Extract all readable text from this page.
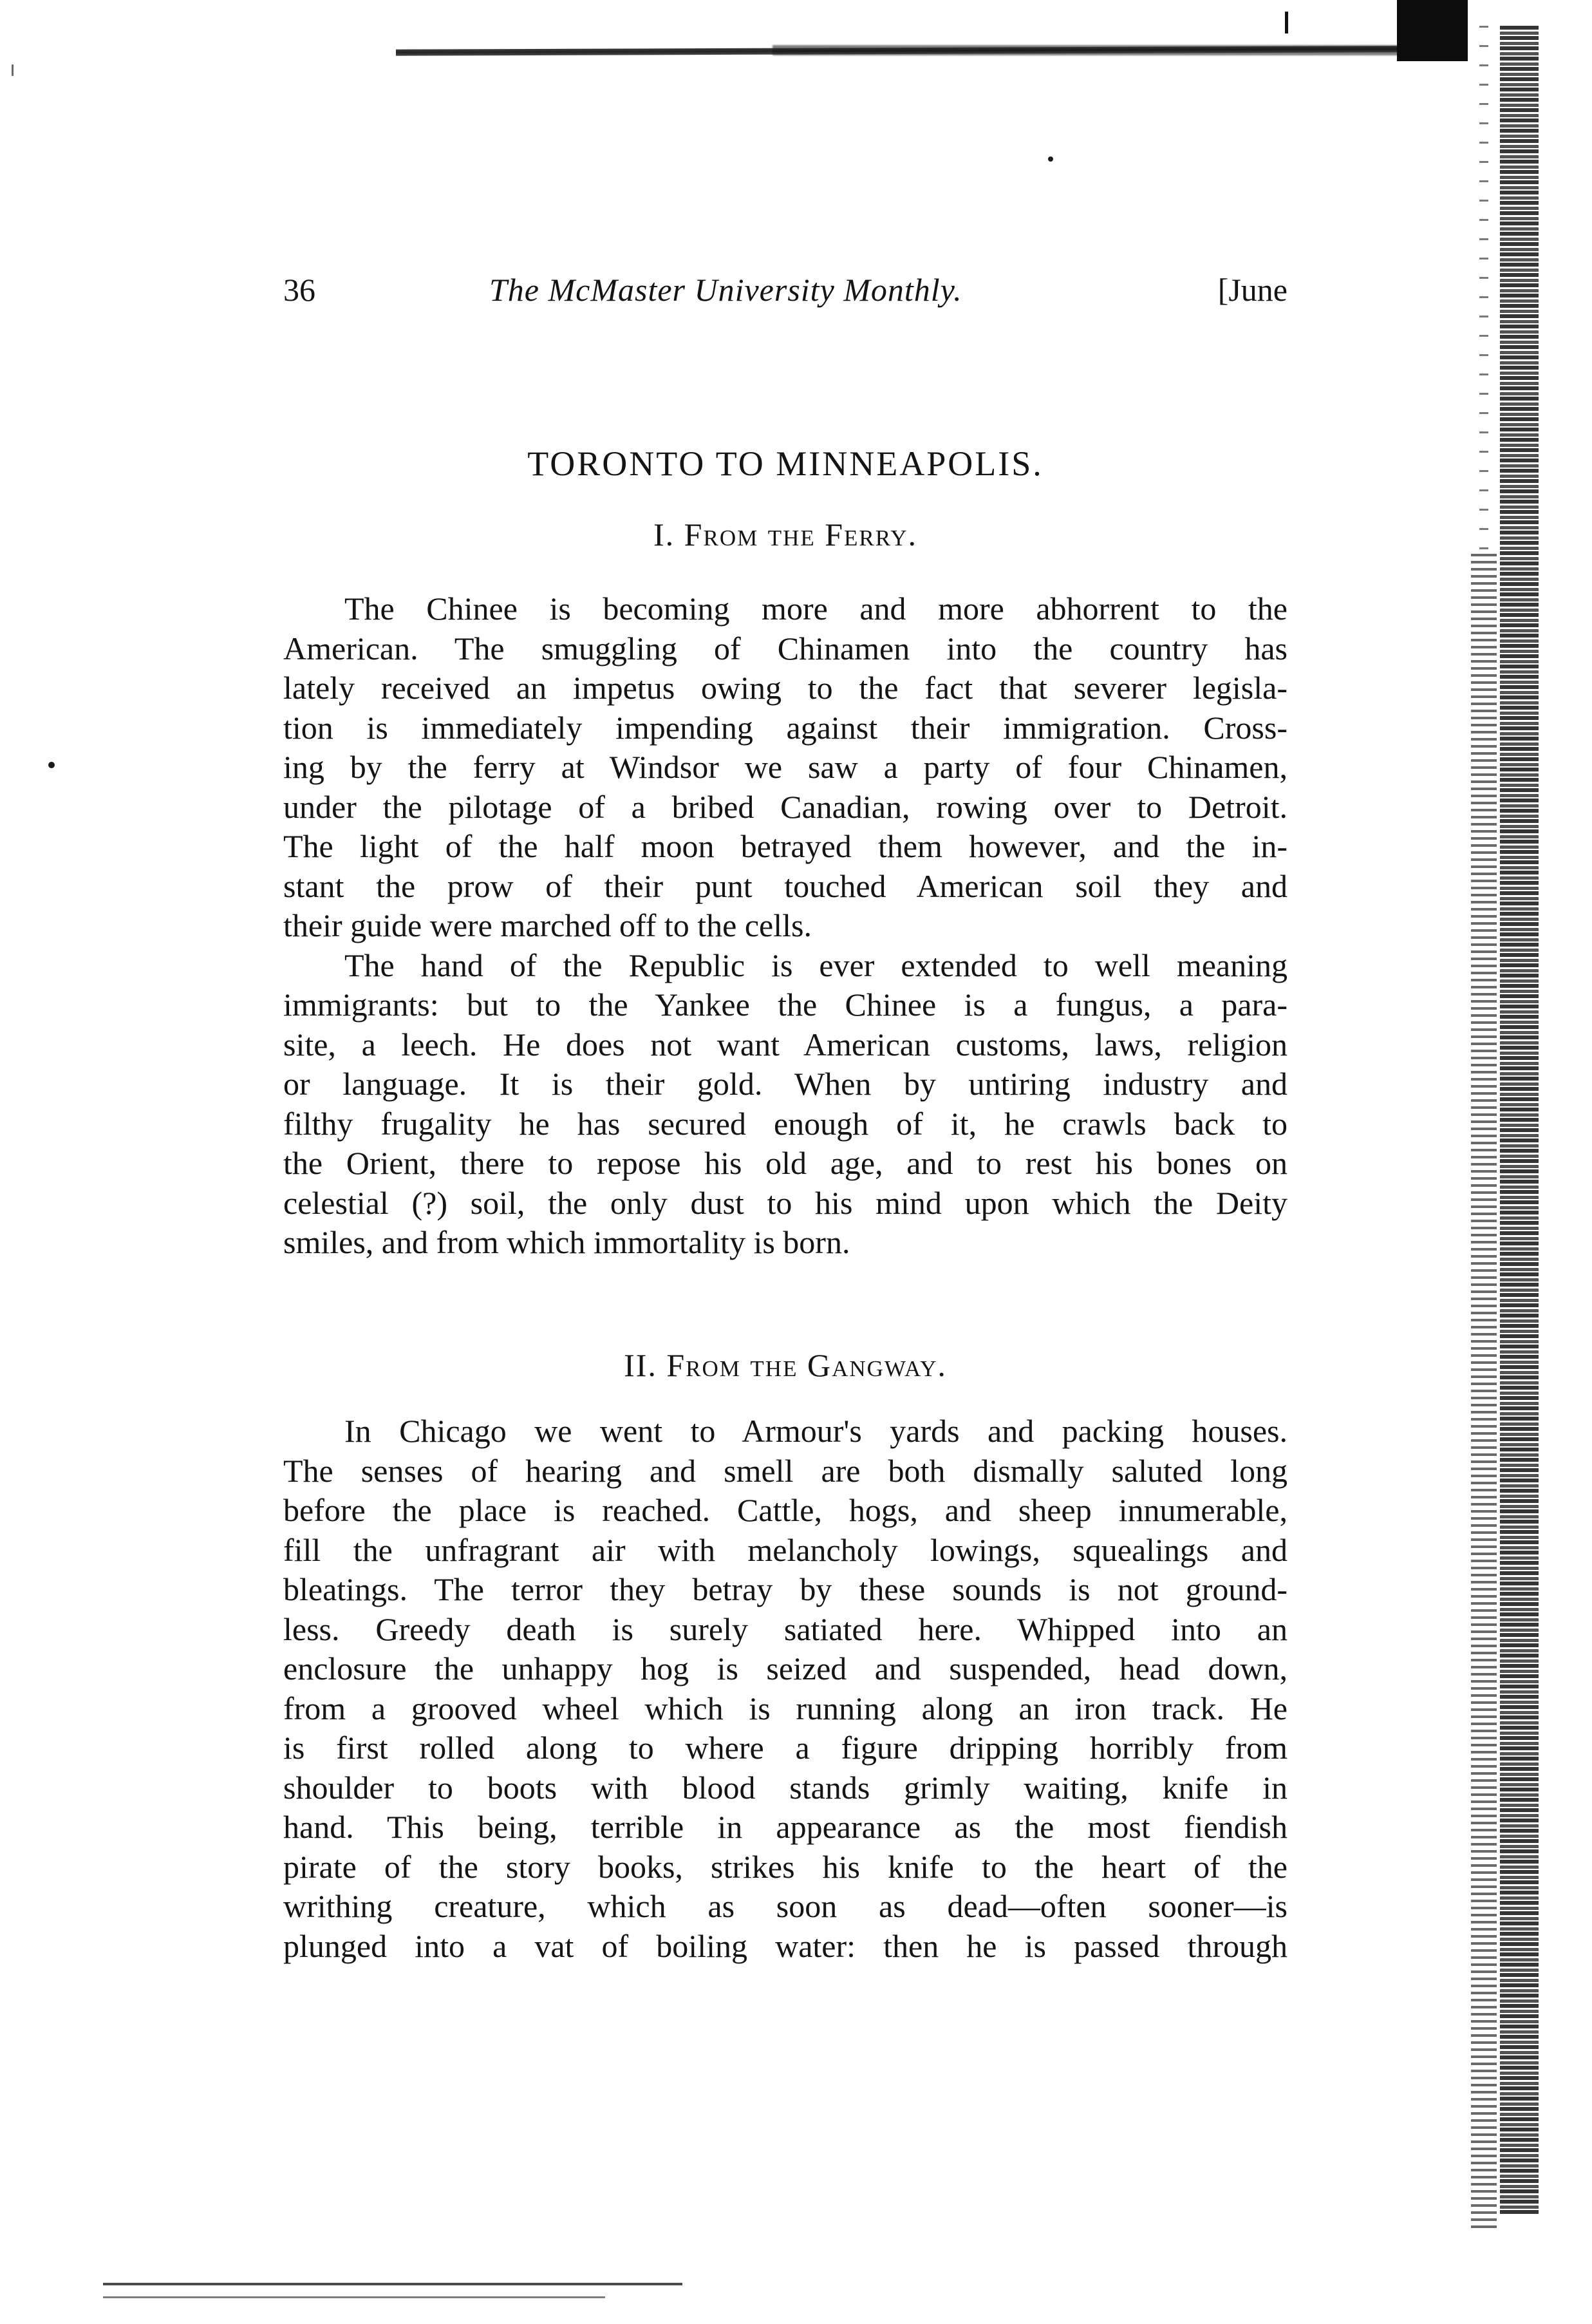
36	The McMaster University Monthly.	[June
TORONTO TO MINNEAPOLIS.
I. From the Ferry.
The Chinee is becoming more and more abhorrent to the
American. The smuggling of Chinamen into the country has
lately received an impetus owing to the fact that severer legisla-
tion is immediately impending against their immigration. Cross-
ing by the ferry at Windsor we saw a party of four Chinamen,
under the pilotage of a bribed Canadian, rowing over to Detroit.
The light of the half moon betrayed them however, and the in-
stant the prow of their punt touched American soil they and
their guide were marched off to the cells.
The hand of the Republic is ever extended to well meaning
immigrants: but to the Yankee the Chinee is a fungus, a para-
site, a leech. He does not want American customs, laws, religion
or language. It is their gold. When by untiring industry and
filthy frugality he has secured enough of it, he crawls back to
the Orient, there to repose his old age, and to rest his bones on
celestial (?) soil, the only dust to his mind upon which the Deity
smiles, and from which immortality is born.
II. From the Gangway.
In Chicago we went to Armour's yards and packing houses.
The senses of hearing and smell are both dismally saluted long
before the place is reached. Cattle, hogs, and sheep innumerable,
fill the unfragrant air with melancholy lowings, squealings and
bleatings. The terror they betray by these sounds is not ground-
less. Greedy death is surely satiated here. Whipped into an
enclosure the unhappy hog is seized and suspended, head down,
from a grooved wheel which is running along an iron track. He
is first rolled along to where a figure dripping horribly from
shoulder to boots with blood stands grimly waiting, knife in
hand. This being, terrible in appearance as the most fiendish
pirate of the story books, strikes his knife to the heart of the
writhing creature, which as soon as dead—often sooner—is
plunged into a vat of boiling water: then he is passed through
